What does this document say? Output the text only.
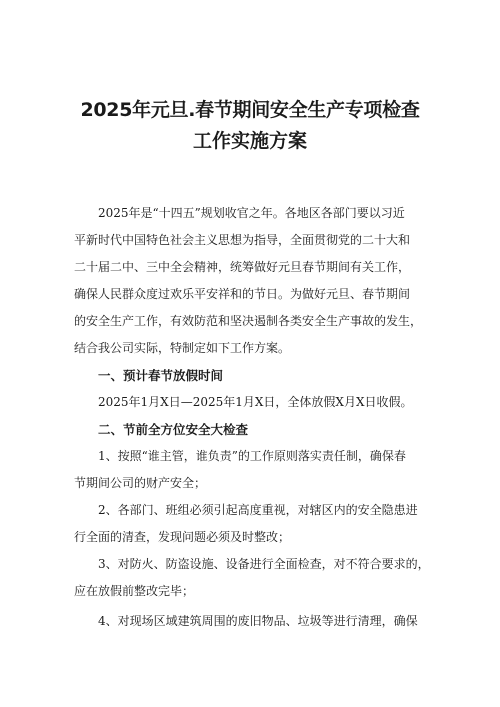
2025年元旦.春节期间安全生产专项检查
工作实施方案
2025年是“十四五”规划收官之年。各地区各部门要以习近
平新时代中国特色社会主义思想为指导，全面贯彻党的二十大和
二十届二中、三中全会精神，统筹做好元旦春节期间有关工作，
确保人民群众度过欢乐平安祥和的节日。为做好元旦、春节期间
的安全生产工作，有效防范和坚决遏制各类安全生产事故的发生，
结合我公司实际，特制定如下工作方案。
一、预计春节放假时间
2025年1月X日—2025年1月X日，全体放假X月X日收假。
二、节前全方位安全大检查
1、按照“谁主管，谁负责”的工作原则落实责任制，确保春
节期间公司的财产安全；
2、各部门、班组必须引起高度重视，对辖区内的安全隐患进
行全面的清查，发现问题必须及时整改；
3、对防火、防盗设施、设备进行全面检查，对不符合要求的，
应在放假前整改完毕；
4、对现场区域建筑周围的废旧物品、垃圾等进行清理，确保
